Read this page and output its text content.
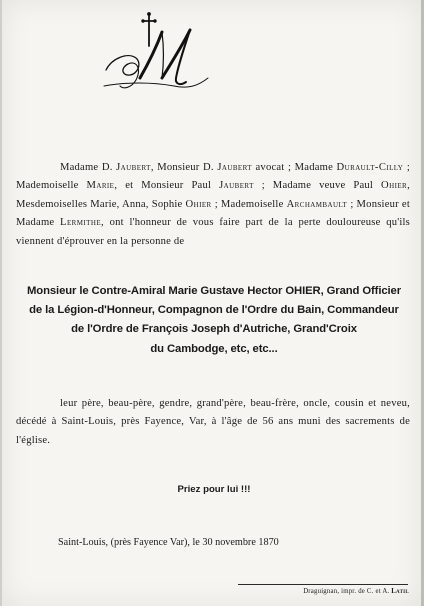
Madame D. Jaubert, Monsieur D. Jaubert avocat ; Madame Durault-Cilly ; Mademoiselle Marie, et Monsieur Paul Jaubert ; Madame veuve Paul Ohier, Mesdemoiselles Marie, Anna, Sophie Ohier ; Mademoiselle Archambault ; Monsieur et Madame Lermithe, ont l'honneur de vous faire part de la perte douloureuse qu'ils viennent d'éprouver en la personne de

Monsieur le Contre-Amiral Marie Gustave Hector OHIER, Grand Officier
de la Légion-d'Honneur, Compagnon de l'Ordre du Bain, Commandeur
de l'Ordre de François Joseph d'Autriche, Grand'Croix
du Cambodge, etc, etc...

leur père, beau-père, gendre, grand'père, beau-frère, oncle, cousin et neveu, décédé à Saint-Louis, près Fayence, Var, à l'âge de 56 ans muni des sacrements de l'église.

Priez pour lui !!!
Saint-Louis, (près Fayence Var), le 30 novembre 1870
Draguignan, impr. de C. et A. Latil
